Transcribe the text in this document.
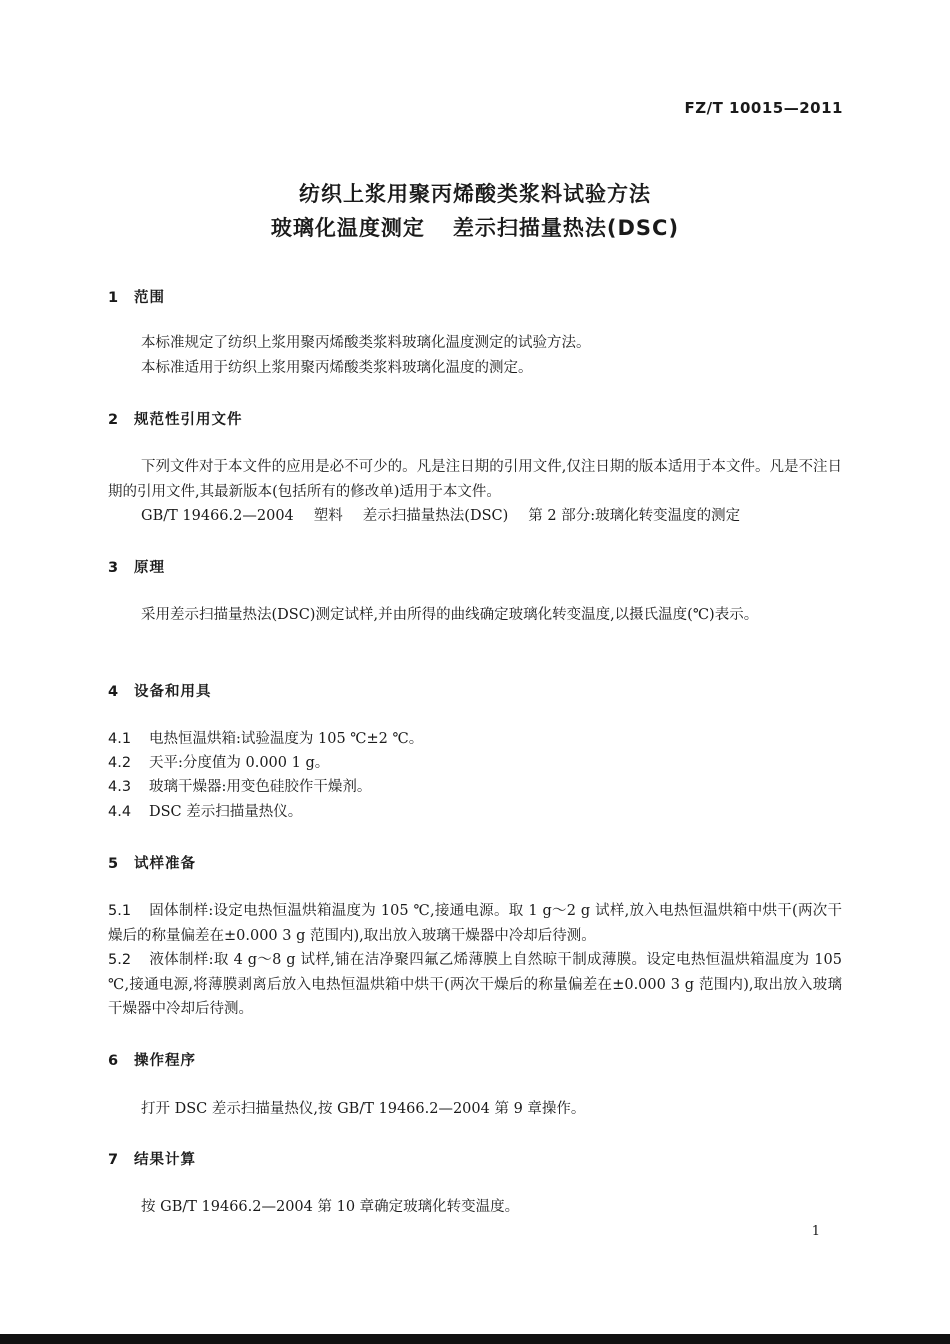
FZ/T 10015—2011
纺织上浆用聚丙烯酸类浆料试验方法
玻璃化温度测定 差示扫描量热法(DSC)
1 范围
本标准规定了纺织上浆用聚丙烯酸类浆料玻璃化温度测定的试验方法。
本标准适用于纺织上浆用聚丙烯酸类浆料玻璃化温度的测定。
2 规范性引用文件
下列文件对于本文件的应用是必不可少的。凡是注日期的引用文件,仅注日期的版本适用于本文件。凡是不注日期的引用文件,其最新版本(包括所有的修改单)适用于本文件。
GB/T 19466.2—2004 塑料 差示扫描量热法(DSC) 第 2 部分:玻璃化转变温度的测定
3 原理
采用差示扫描量热法(DSC)测定试样,并由所得的曲线确定玻璃化转变温度,以摄氏温度(℃)表示。
4 设备和用具
4.1 电热恒温烘箱:试验温度为 105 ℃±2 ℃。
4.2 天平:分度值为 0.000 1 g。
4.3 玻璃干燥器:用变色硅胶作干燥剂。
4.4 DSC 差示扫描量热仪。
5 试样准备
5.1 固体制样:设定电热恒温烘箱温度为 105 ℃,接通电源。取 1 g～2 g 试样,放入电热恒温烘箱中烘干(两次干燥后的称量偏差在±0.000 3 g 范围内),取出放入玻璃干燥器中冷却后待测。
5.2 液体制样:取 4 g～8 g 试样,铺在洁净聚四氟乙烯薄膜上自然晾干制成薄膜。设定电热恒温烘箱温度为 105 ℃,接通电源,将薄膜剥离后放入电热恒温烘箱中烘干(两次干燥后的称量偏差在±0.000 3 g 范围内),取出放入玻璃干燥器中冷却后待测。
6 操作程序
打开 DSC 差示扫描量热仪,按 GB/T 19466.2—2004 第 9 章操作。
7 结果计算
按 GB/T 19466.2—2004 第 10 章确定玻璃化转变温度。
1
